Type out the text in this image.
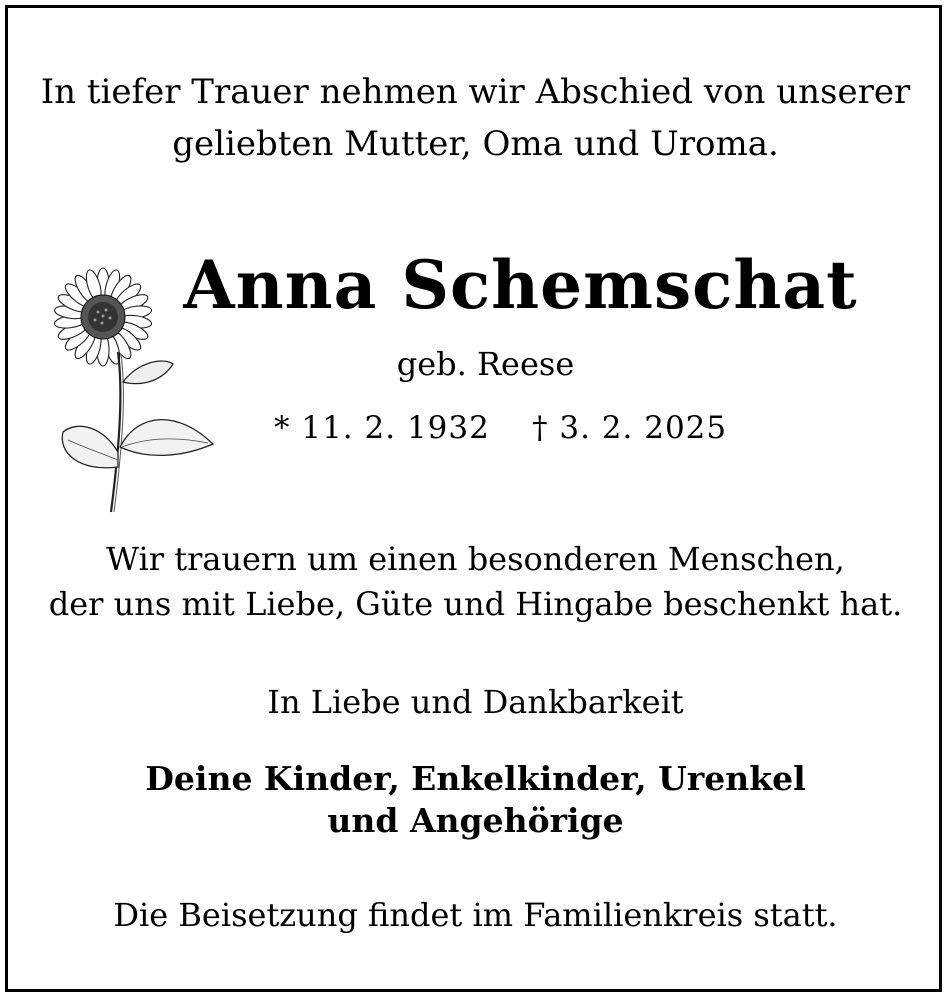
In tiefer Trauer nehmen wir Abschied von unserer
geliebten Mutter, Oma und Uroma.
Anna Schemschat
geb. Reese
* 11. 2. 1932 † 3. 2. 2025
Wir trauern um einen besonderen Menschen,
der uns mit Liebe, Güte und Hingabe beschenkt hat.
In Liebe und Dankbarkeit
Deine Kinder, Enkelkinder, Urenkel
und Angehörige
Die Beisetzung findet im Familienkreis statt.
